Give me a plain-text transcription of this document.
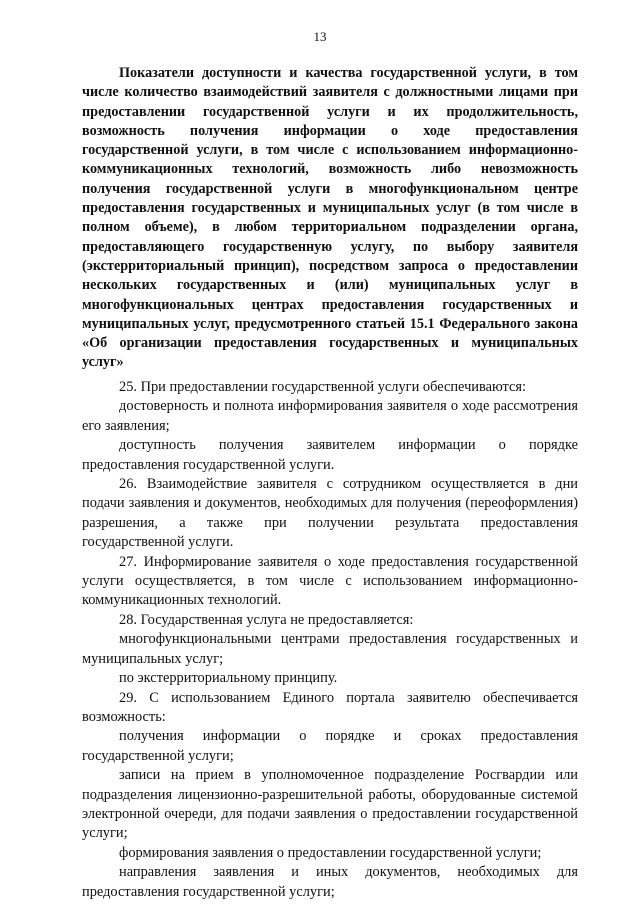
13
Показатели доступности и качества государственной услуги, в том числе количество взаимодействий заявителя с должностными лицами при предоставлении государственной услуги и их продолжительность, возможность получения информации о ходе предоставления государственной услуги, в том числе с использованием информационно-коммуникационных технологий, возможность либо невозможность получения государственной услуги в многофункциональном центре предоставления государственных и муниципальных услуг (в том числе в полном объеме), в любом территориальном подразделении органа, предоставляющего государственную услугу, по выбору заявителя (экстерриториальный принцип), посредством запроса о предоставлении нескольких государственных и (или) муниципальных услуг в многофункциональных центрах предоставления государственных и муниципальных услуг, предусмотренного статьей 15.1 Федерального закона «Об организации предоставления государственных и муниципальных услуг»

25. При предоставлении государственной услуги обеспечиваются:

достоверность и полнота информирования заявителя о ходе рассмотрения его заявления;

доступность получения заявителем информации о порядке предоставления государственной услуги.

26. Взаимодействие заявителя с сотрудником осуществляется в дни подачи заявления и документов, необходимых для получения (переоформления) разрешения, а также при получении результата предоставления государственной услуги.

27. Информирование заявителя о ходе предоставления государственной услуги осуществляется, в том числе с использованием информационно-коммуникационных технологий.

28. Государственная услуга не предоставляется:

многофункциональными центрами предоставления государственных и муниципальных услуг;

по экстерриториальному принципу.

29. С использованием Единого портала заявителю обеспечивается возможность:

получения информации о порядке и сроках предоставления государственной услуги;

записи на прием в уполномоченное подразделение Росгвардии или подразделения лицензионно-разрешительной работы, оборудованные системой электронной очереди, для подачи заявления о предоставлении государственной услуги;

формирования заявления о предоставлении государственной услуги;

направления заявления и иных документов, необходимых для предоставления государственной услуги;
